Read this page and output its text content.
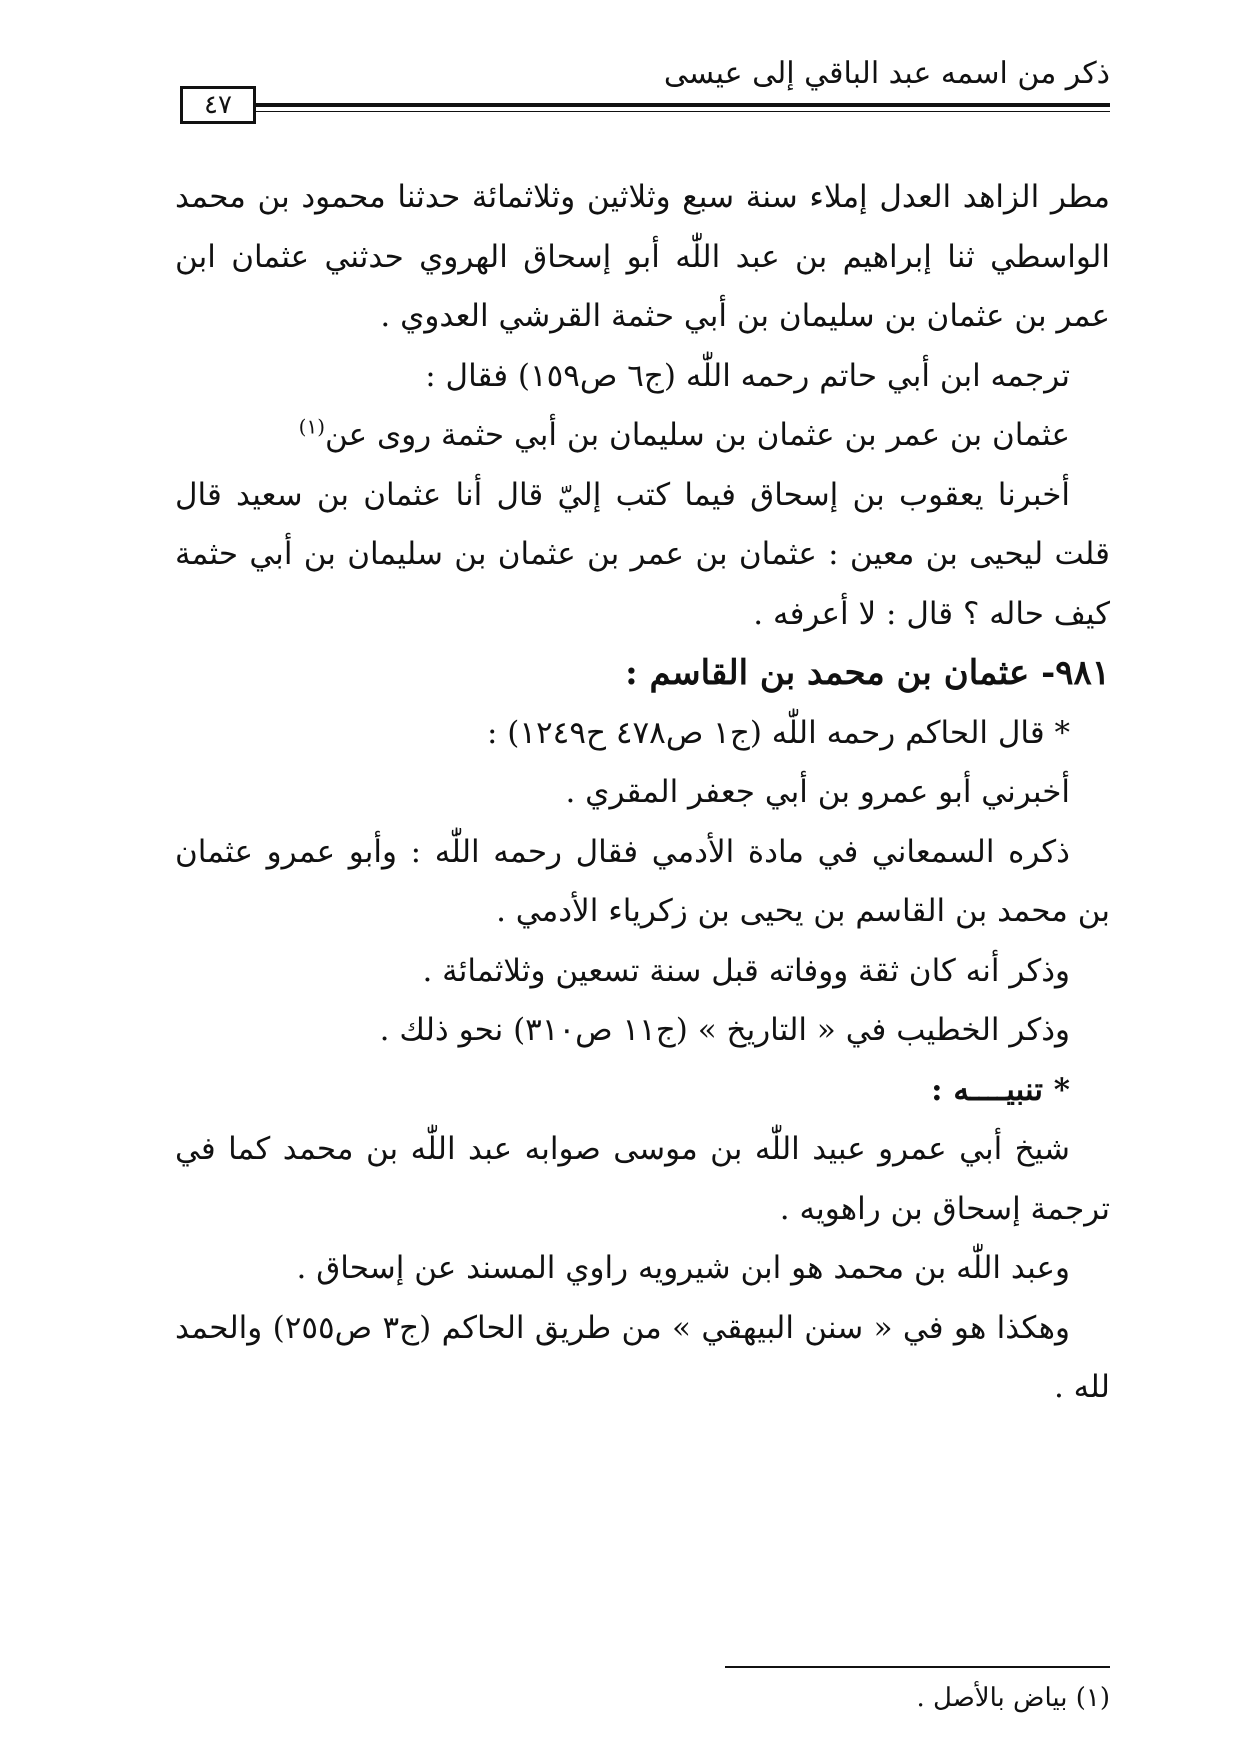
ذكر من اسمه عبد الباقي إلى عيسى
٤٧

مطر الزاهد العدل إملاء سنة سبع وثلاثين وثلاثمائة حدثنا محمود بن محمد الواسطي ثنا إبراهيم بن عبد اللّٰه أبو إسحاق الهروي حدثني عثمان ابن عمر بن عثمان بن سليمان بن أبي حثمة القرشي العدوي .

ترجمه ابن أبي حاتم رحمه اللّٰه (ج٦ ص١٥٩) فقال :

عثمان بن عمر بن عثمان بن سليمان بن أبي حثمة روى عن$^{(١)}$

أخبرنا يعقوب بن إسحاق فيما كتب إليّ قال أنا عثمان بن سعيد قال قلت ليحيى بن معين : عثمان بن عمر بن عثمان بن سليمان بن أبي حثمة كيف حاله ؟ قال : لا أعرفه .

٩٨١- عثمان بن محمد بن القاسم :

* قال الحاكم رحمه اللّٰه (ج١ ص٤٧٨ ح١٢٤٩) :

أخبرني أبو عمرو بن أبي جعفر المقري .

ذكره السمعاني في مادة الأدمي فقال رحمه اللّٰه : وأبو عمرو عثمان بن محمد بن القاسم بن يحيى بن زكرياء الأدمي .

وذكر أنه كان ثقة ووفاته قبل سنة تسعين وثلاثمائة .

وذكر الخطيب في « التاريخ » (ج١١ ص٣١٠) نحو ذلك .

* تنبيــــه :

شيخ أبي عمرو عبيد اللّٰه بن موسى صوابه عبد اللّٰه بن محمد كما في ترجمة إسحاق بن راهويه .

وعبد اللّٰه بن محمد هو ابن شيرويه راوي المسند عن إسحاق .

وهكذا هو في « سنن البيهقي » من طريق الحاكم (ج٣ ص٢٥٥) والحمد لله .

(١) بياض بالأصل .
